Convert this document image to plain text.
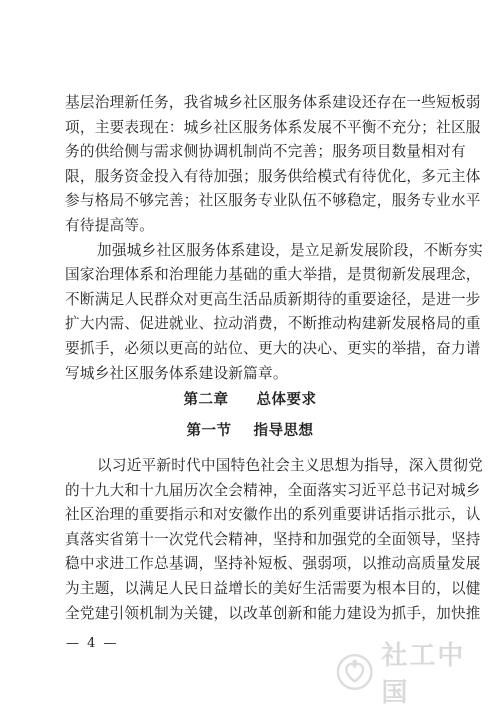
基层治理新任务，我省城乡社区服务体系建设还存在一些短板弱
项，主要表现在：城乡社区服务体系发展不平衡不充分；社区服
务的供给侧与需求侧协调机制尚不完善；服务项目数量相对有
限，服务资金投入有待加强；服务供给模式有待优化，多元主体
参与格局不够完善；社区服务专业队伍不够稳定，服务专业水平
有待提高等。

加强城乡社区服务体系建设，是立足新发展阶段，不断夯实
国家治理体系和治理能力基础的重大举措，是贯彻新发展理念，
不断满足人民群众对更高生活品质新期待的重要途径，是进一步
扩大内需、促进就业、拉动消费，不断推动构建新发展格局的重
要抓手，必须以更高的站位、更大的决心、更实的举措，奋力谱
写城乡社区服务体系建设新篇章。

第二章 总体要求
第一节 指导思想

以习近平新时代中国特色社会主义思想为指导，深入贯彻党
的十九大和十九届历次全会精神，全面落实习近平总书记对城乡
社区治理的重要指示和对安徽作出的系列重要讲话指示批示，认
真落实省第十一次党代会精神，坚持和加强党的全面领导，坚持
稳中求进工作总基调，坚持补短板、强弱项，以推动高质量发展
为主题，以满足人民日益增长的美好生活需要为根本目的，以健
全党建引领机制为关键，以改革创新和能力建设为抓手，加快推

— 4 —	社工中国
